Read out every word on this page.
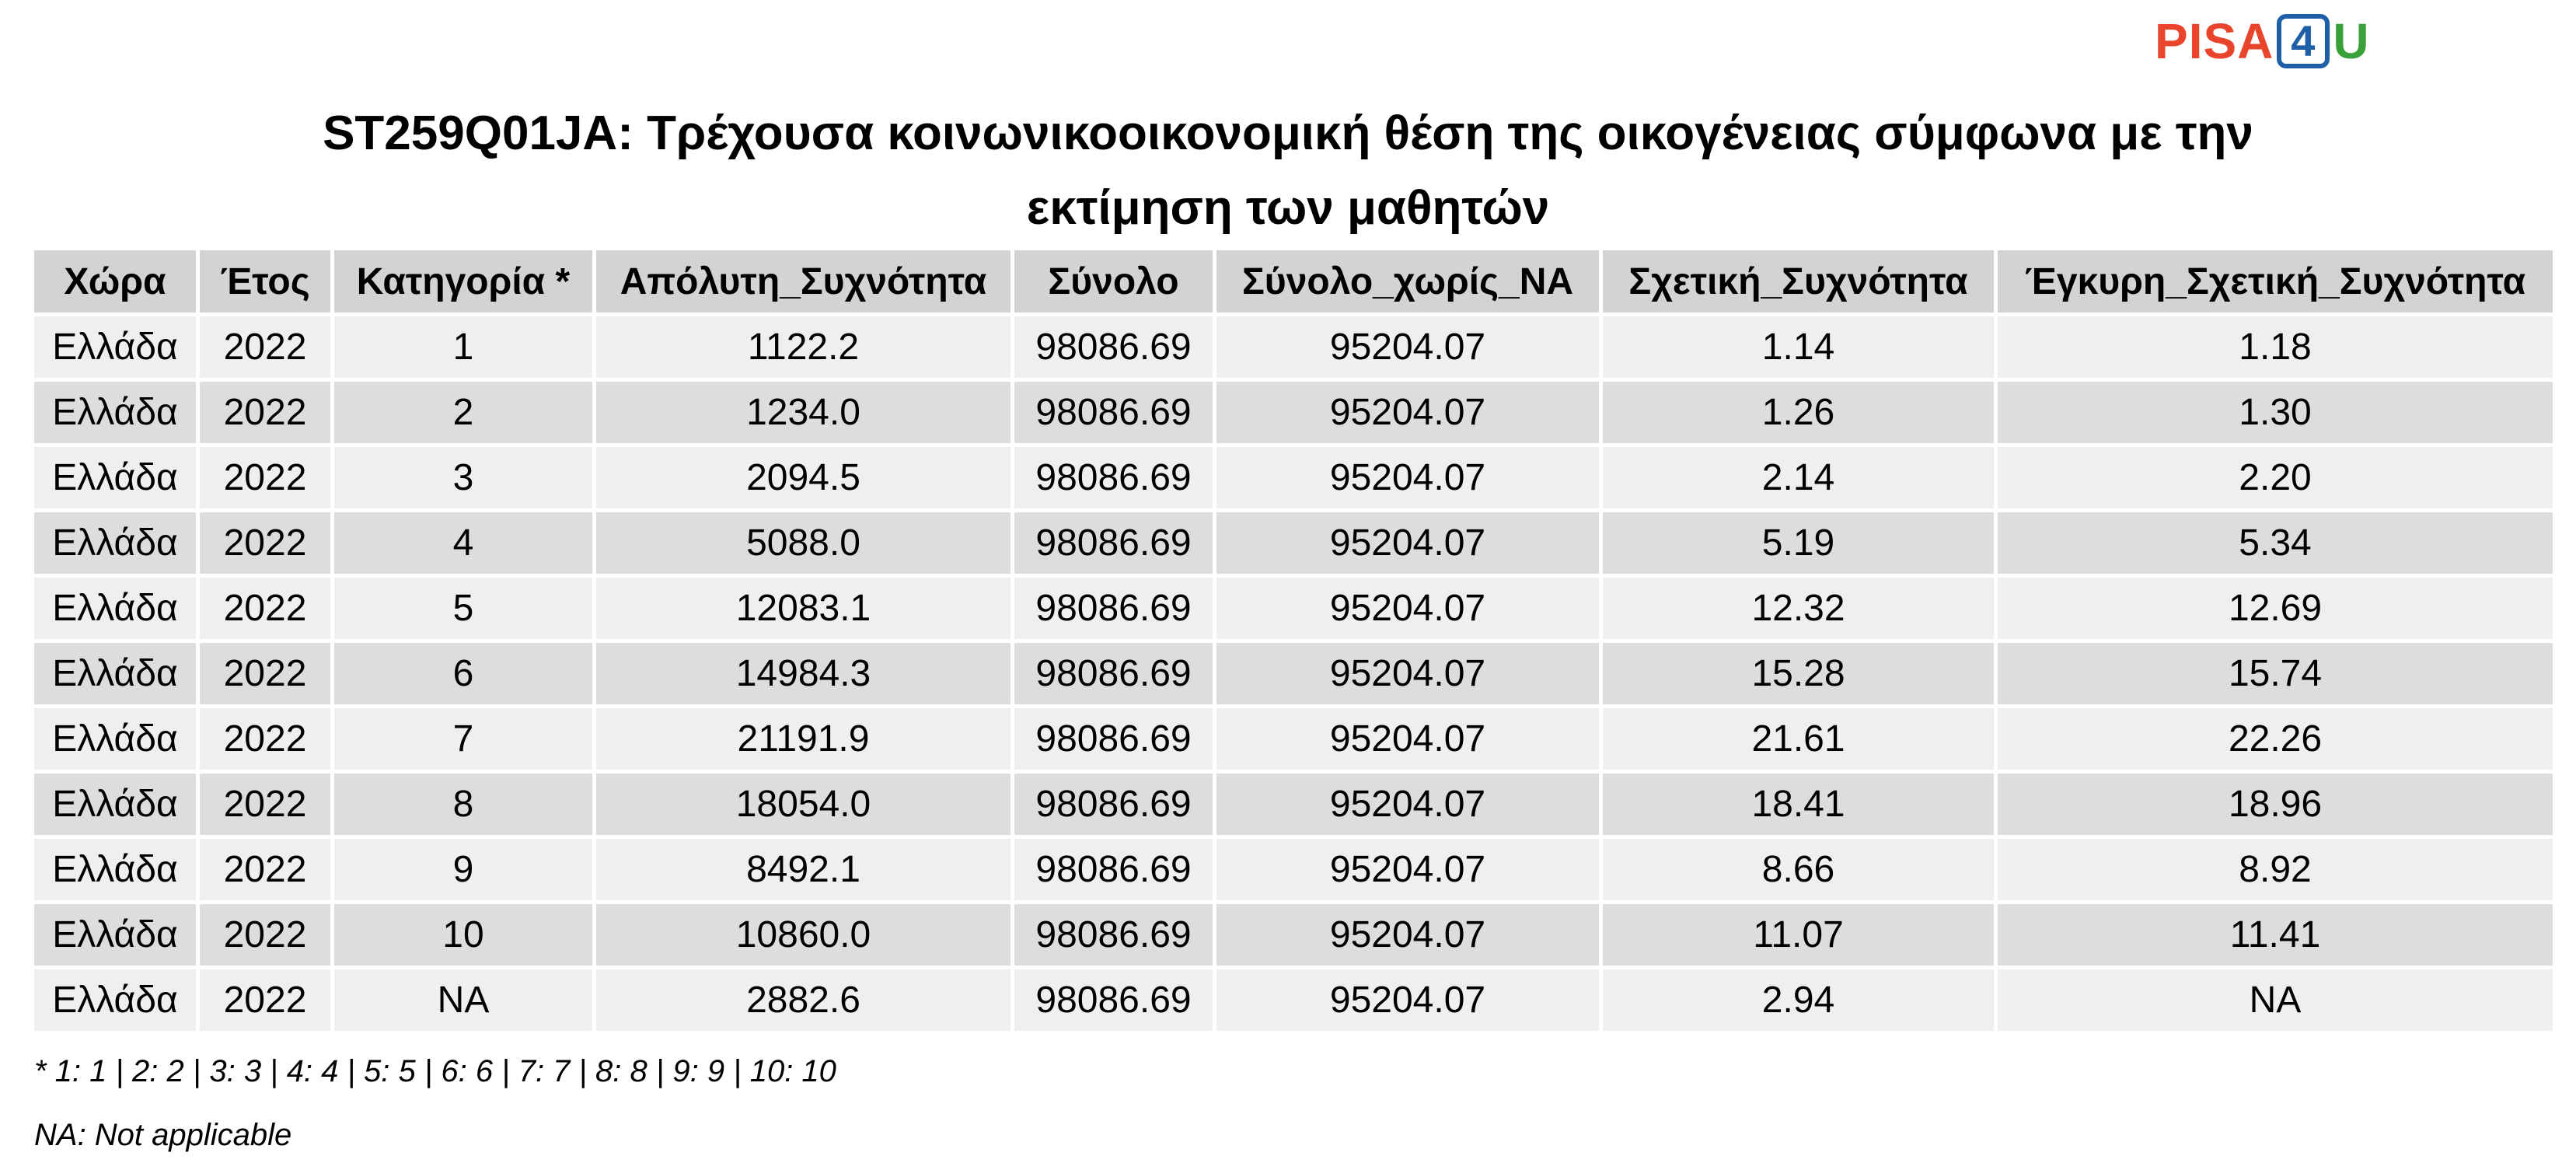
PISA 4 U
ST259Q01JA: Τρέχουσα κοινωνικοοικονομική θέση της οικογένειας σύμφωνα με την
εκτίμηση των μαθητών
Χώρα	Έτος	Κατηγορία *	Απόλυτη_Συχνότητα	Σύνολο	Σύνολο_χωρίς_NA	Σχετική_Συχνότητα	Έγκυρη_Σχετική_Συχνότητα
Ελλάδα	2022	1	1122.2	98086.69	95204.07	1.14	1.18
Ελλάδα	2022	2	1234.0	98086.69	95204.07	1.26	1.30
Ελλάδα	2022	3	2094.5	98086.69	95204.07	2.14	2.20
Ελλάδα	2022	4	5088.0	98086.69	95204.07	5.19	5.34
Ελλάδα	2022	5	12083.1	98086.69	95204.07	12.32	12.69
Ελλάδα	2022	6	14984.3	98086.69	95204.07	15.28	15.74
Ελλάδα	2022	7	21191.9	98086.69	95204.07	21.61	22.26
Ελλάδα	2022	8	18054.0	98086.69	95204.07	18.41	18.96
Ελλάδα	2022	9	8492.1	98086.69	95204.07	8.66	8.92
Ελλάδα	2022	10	10860.0	98086.69	95204.07	11.07	11.41
Ελλάδα	2022	NA	2882.6	98086.69	95204.07	2.94	NA
* 1: 1 | 2: 2 | 3: 3 | 4: 4 | 5: 5 | 6: 6 | 7: 7 | 8: 8 | 9: 9 | 10: 10
NA: Not applicable
